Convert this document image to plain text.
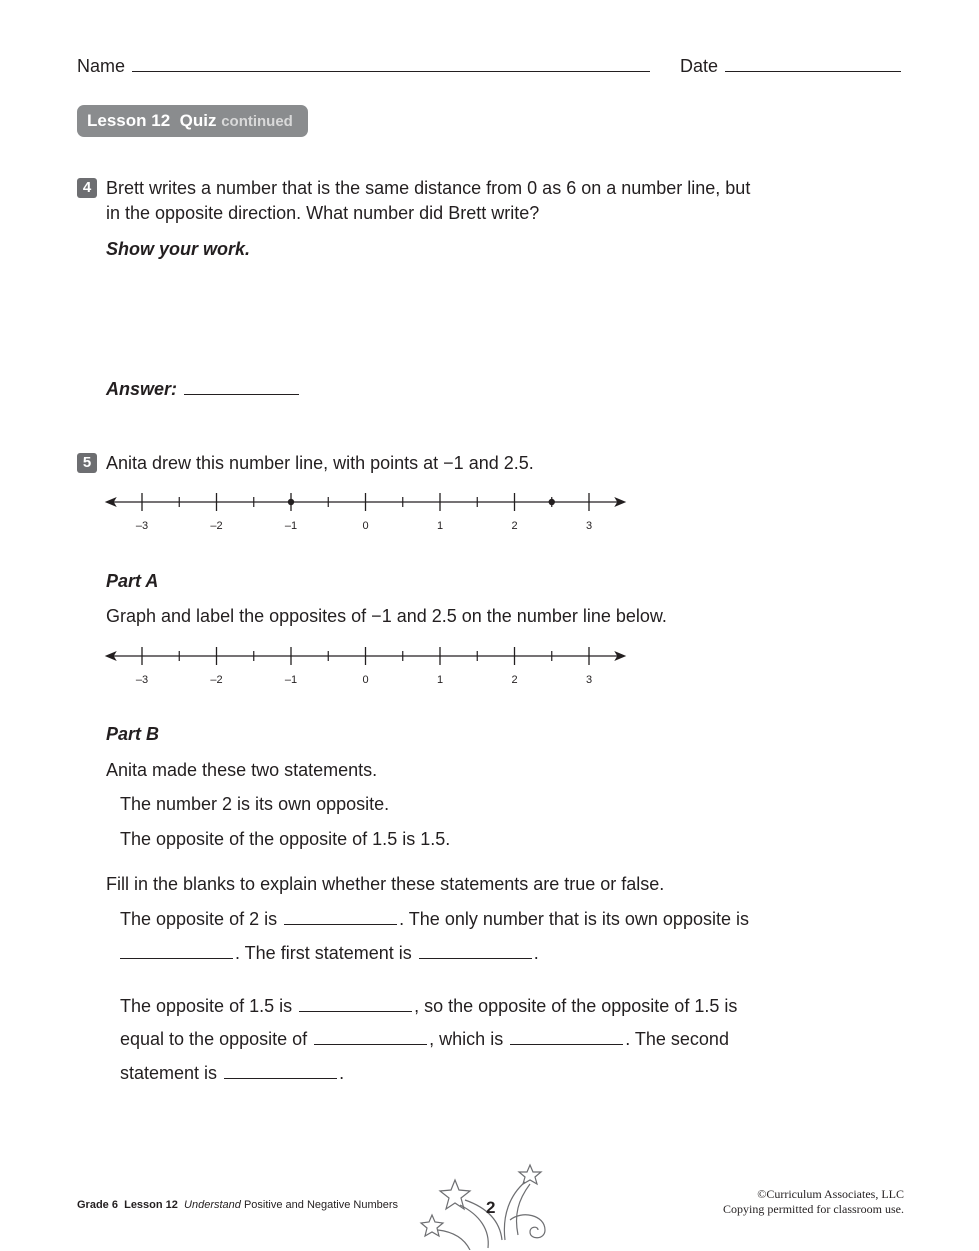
Name	Date
Lesson 12 Quiz continued
4 Brett writes a number that is the same distance from 0 as 6 on a number line, but
in the opposite direction. What number did Brett write?
Show your work.
Answer:
5 Anita drew this number line, with points at −1 and 2.5.
–3	–2	–1	0	1	2	3
Part A
Graph and label the opposites of −1 and 2.5 on the number line below.
–3	–2	–1	0	1	2	3
Part B
Anita made these two statements.
The number 2 is its own opposite.
The opposite of the opposite of 1.5 is 1.5.
Fill in the blanks to explain whether these statements are true or false.
The opposite of 2 is	. The only number that is its own opposite is
. The first statement is	.
The opposite of 1.5 is	, so the opposite of the opposite of 1.5 is
equal to the opposite of	, which is	. The second
statement is	.
Grade 6 Lesson 12 Understand Positive and Negative Numbers	2
©Curriculum Associates, LLC
Copying permitted for classroom use.
